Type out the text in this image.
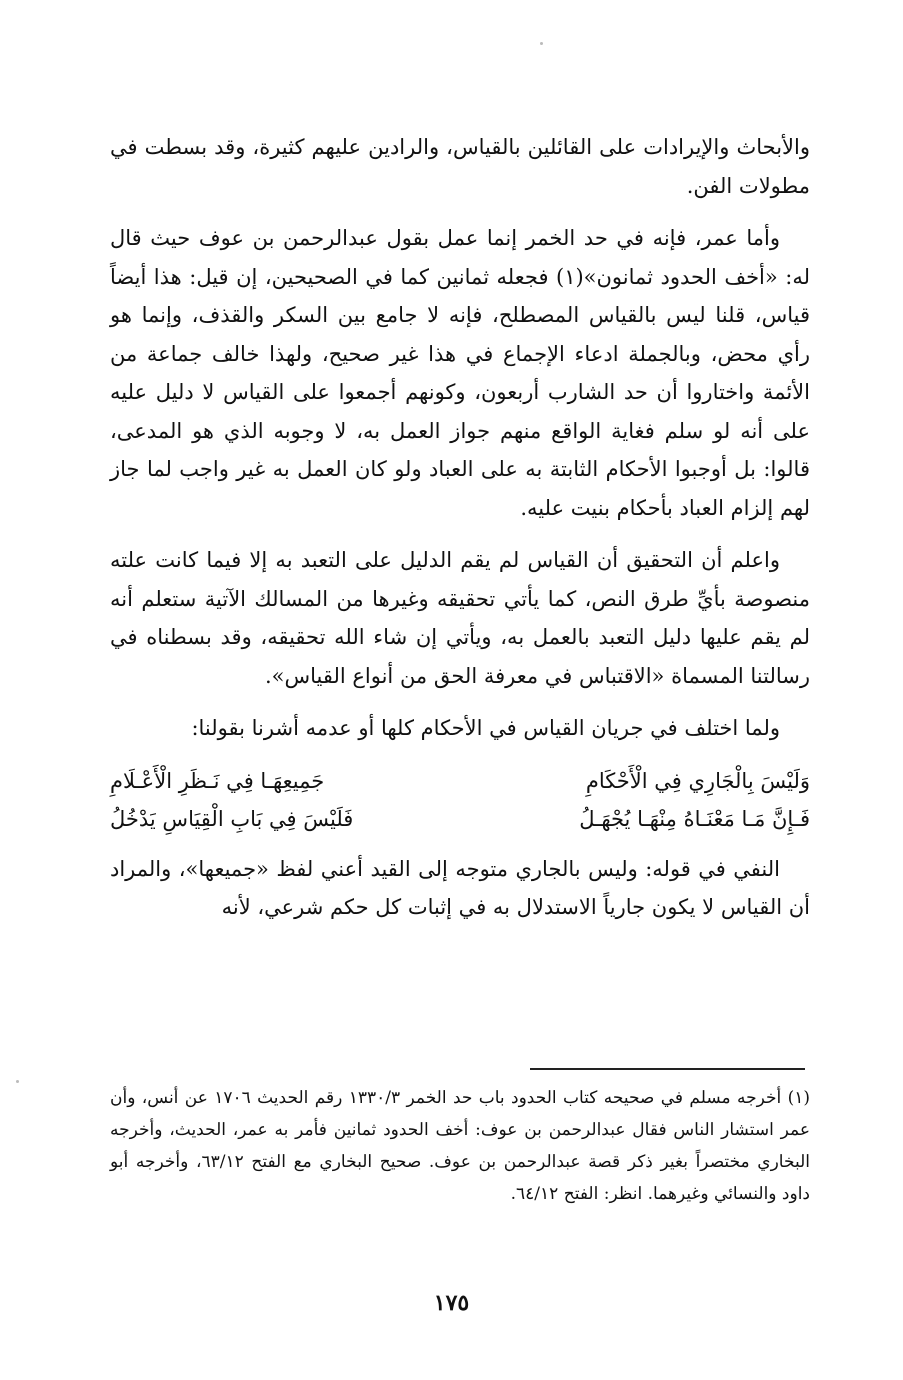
والأبحاث والإيرادات على القائلين بالقياس، والرادين عليهم كثيرة، وقد بسطت في مطولات الفن.

وأما عمر، فإنه في حد الخمر إنما عمل بقول عبدالرحمن بن عوف حيث قال له: «أخف الحدود ثمانون»(١) فجعله ثمانين كما في الصحيحين، إن قيل: هذا أيضاً قياس، قلنا ليس بالقياس المصطلح، فإنه لا جامع بين السكر والقذف، وإنما هو رأي محض، وبالجملة ادعاء الإجماع في هذا غير صحيح، ولهذا خالف جماعة من الأئمة واختاروا أن حد الشارب أربعون، وكونهم أجمعوا على القياس لا دليل عليه على أنه لو سلم فغاية الواقع منهم جواز العمل به، لا وجوبه الذي هو المدعى، قالوا: بل أوجبوا الأحكام الثابتة به على العباد ولو كان العمل به غير واجب لما جاز لهم إلزام العباد بأحكام بنيت عليه.

واعلم أن التحقيق أن القياس لم يقم الدليل على التعبد به إلا فيما كانت علته منصوصة بأيِّ طرق النص، كما يأتي تحقيقه وغيرها من المسالك الآتية ستعلم أنه لم يقم عليها دليل التعبد بالعمل به، ويأتي إن شاء الله تحقيقه، وقد بسطناه في رسالتنا المسماة «الاقتباس في معرفة الحق من أنواع القياس».

ولما اختلف في جريان القياس في الأحكام كلها أو عدمه أشرنا بقولنا:

وَلَيْسَ بِالْجَارِي فِي الْأَحْكَامِ
جَمِيعِهَـا فِي نَـظَرِ الْأَعْـلَامِ
فَـإِنَّ مَـا مَعْنَـاهُ مِنْهَـا يُجْهَـلُ
فَلَيْسَ فِي بَابِ الْقِيَاسِ يَدْخُلُ

النفي في قوله: وليس بالجاري متوجه إلى القيد أعني لفظ «جميعها»، والمراد أن القياس لا يكون جارياً الاستدلال به في إثبات كل حكم شرعي، لأنه

(١) أخرجه مسلم في صحيحه كتاب الحدود باب حد الخمر ١٣٣٠/٣ رقم الحديث ١٧٠٦ عن أنس، وأن عمر استشار الناس فقال عبدالرحمن بن عوف: أخف الحدود ثمانين فأمر به عمر، الحديث، وأخرجه البخاري مختصراً بغير ذكر قصة عبدالرحمن بن عوف. صحيح البخاري مع الفتح ٦٣/١٢، وأخرجه أبو داود والنسائي وغيرهما. انظر: الفتح ٦٤/١٢.
١٧٥
